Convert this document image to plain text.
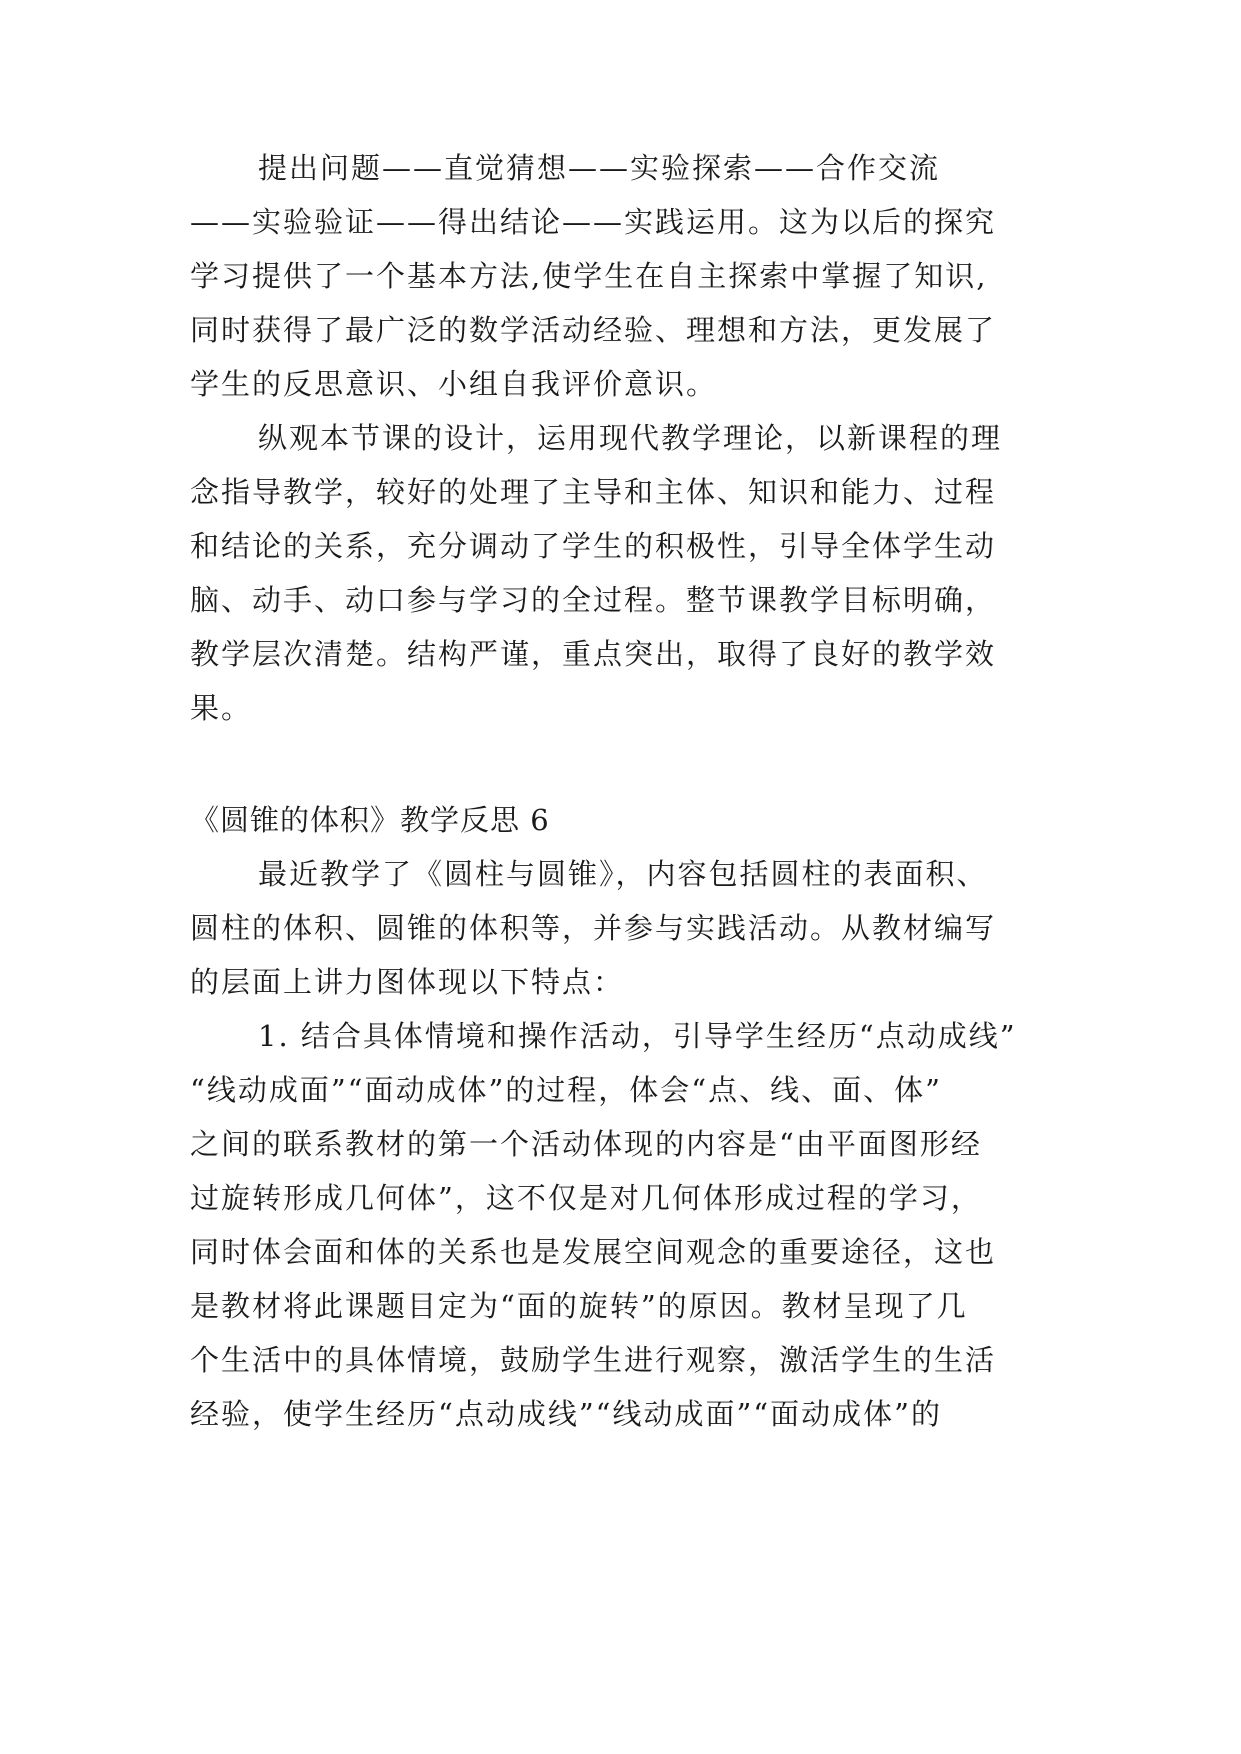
提出问题——直觉猜想——实验探索——合作交流
——实验验证——得出结论——实践运用。这为以后的探究
学习提供了一个基本方法,使学生在自主探索中掌握了知识,
同时获得了最广泛的数学活动经验、理想和方法，更发展了
学生的反思意识、小组自我评价意识。
纵观本节课的设计，运用现代教学理论，以新课程的理
念指导教学，较好的处理了主导和主体、知识和能力、过程
和结论的关系，充分调动了学生的积极性，引导全体学生动
脑、动手、动口参与学习的全过程。整节课教学目标明确，
教学层次清楚。结构严谨，重点突出，取得了良好的教学效
果。
《圆锥的体积》教学反思 6
最近教学了《圆柱与圆锥》，内容包括圆柱的表面积、
圆柱的体积、圆锥的体积等，并参与实践活动。从教材编写
的层面上讲力图体现以下特点：
1. 结合具体情境和操作活动，引导学生经历“点动成线”
“线动成面”“面动成体”的过程，体会“点、线、面、体”
之间的联系教材的第一个活动体现的内容是“由平面图形经
过旋转形成几何体”，这不仅是对几何体形成过程的学习，
同时体会面和体的关系也是发展空间观念的重要途径，这也
是教材将此课题目定为“面的旋转”的原因。教材呈现了几
个生活中的具体情境，鼓励学生进行观察，激活学生的生活
经验，使学生经历“点动成线”“线动成面”“面动成体”的
